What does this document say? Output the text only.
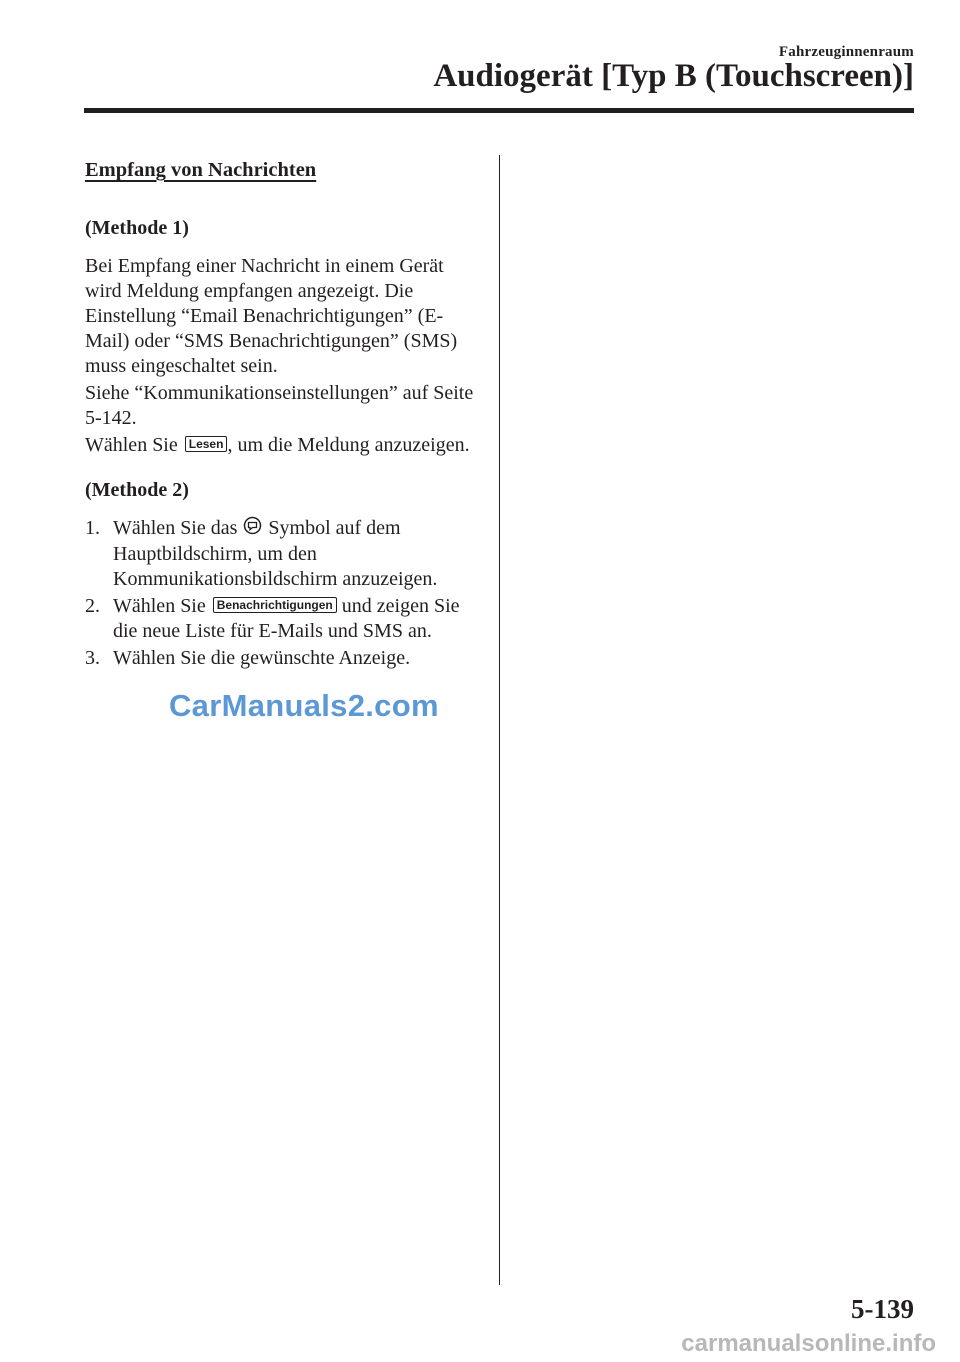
Fahrzeuginnenraum
Audiogerät [Typ B (Touchscreen)]
Empfang von Nachrichten
(Methode 1)

Bei Empfang einer Nachricht in einem Gerät wird Meldung empfangen angezeigt. Die Einstellung “Email Benachrichtigungen” (E-Mail) oder “SMS Benachrichtigungen” (SMS) muss eingeschaltet sein.

Siehe “Kommunikationseinstellungen” auf Seite 5-142.

Wählen Sie Lesen , um die Meldung anzuzeigen.

(Methode 2)
1. Wählen Sie das  Symbol auf dem Hauptbildschirm, um den Kommunikationsbildschirm anzuzeigen.
2. Wählen Sie Benachrichtigungen und zeigen Sie die neue Liste für E-Mails und SMS an.
3. Wählen Sie die gewünschte Anzeige.
CarManuals2.com
5-139
carmanualsonline.info
